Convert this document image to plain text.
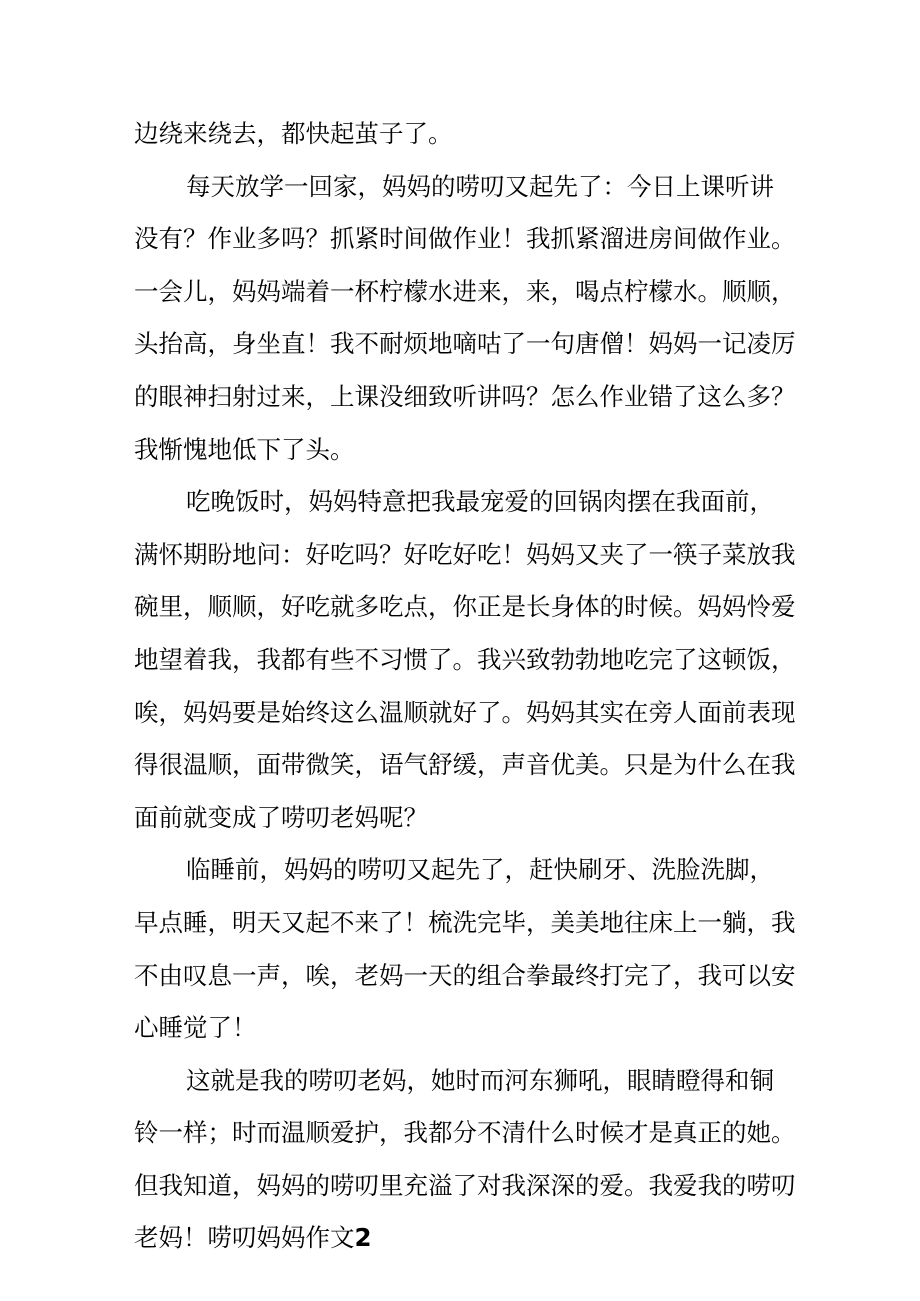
边绕来绕去，都快起茧子了。
每天放学一回家，妈妈的唠叨又起先了：今日上课听讲
没有？作业多吗？抓紧时间做作业！我抓紧溜进房间做作业。
一会儿，妈妈端着一杯柠檬水进来，来，喝点柠檬水。顺顺，
头抬高，身坐直！我不耐烦地嘀咕了一句唐僧！妈妈一记凌厉
的眼神扫射过来，上课没细致听讲吗？怎么作业错了这么多？
我惭愧地低下了头。
吃晚饭时，妈妈特意把我最宠爱的回锅肉摆在我面前，
满怀期盼地问：好吃吗？好吃好吃！妈妈又夹了一筷子菜放我
碗里，顺顺，好吃就多吃点，你正是长身体的时候。妈妈怜爱
地望着我，我都有些不习惯了。我兴致勃勃地吃完了这顿饭，
唉，妈妈要是始终这么温顺就好了。妈妈其实在旁人面前表现
得很温顺，面带微笑，语气舒缓，声音优美。只是为什么在我
面前就变成了唠叨老妈呢？
临睡前，妈妈的唠叨又起先了，赶快刷牙、洗脸洗脚，
早点睡，明天又起不来了！梳洗完毕，美美地往床上一躺，我
不由叹息一声，唉，老妈一天的组合拳最终打完了，我可以安
心睡觉了！
这就是我的唠叨老妈，她时而河东狮吼，眼睛瞪得和铜
铃一样；时而温顺爱护，我都分不清什么时候才是真正的她。
但我知道，妈妈的唠叨里充溢了对我深深的爱。我爱我的唠叨
老妈！唠叨妈妈作文2
